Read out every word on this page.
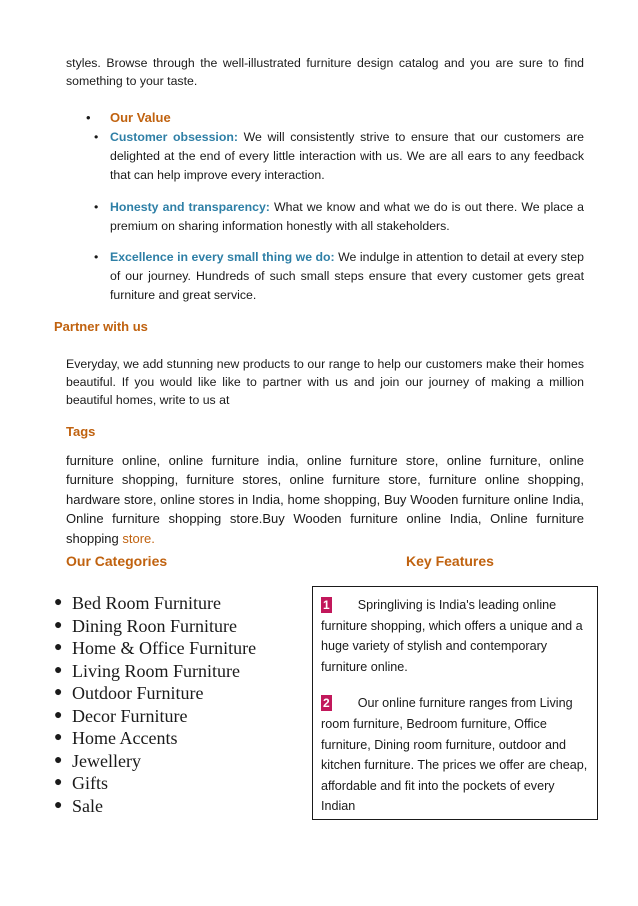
styles. Browse through the well-illustrated furniture design catalog and you are sure to find something to your taste.
• Our Value
• Customer obsession: We will consistently strive to ensure that our customers are delighted at the end of every little interaction with us. We are all ears to any feedback that can help improve every interaction.
• Honesty and transparency: What we know and what we do is out there. We place a premium on sharing information honestly with all stakeholders.
• Excellence in every small thing we do: We indulge in attention to detail at every step of our journey. Hundreds of such small steps ensure that every customer gets great furniture and great service.
Partner with us
Everyday, we add stunning new products to our range to help our customers make their homes beautiful. If you would like like to partner with us and join our journey of making a million beautiful homes, write to us at
Tags
furniture online, online furniture india, online furniture store, online furniture, online furniture shopping, furniture stores, online furniture store, furniture online shopping, hardware store, online stores in India, home shopping, Buy Wooden furniture online India, Online furniture shopping store.Buy Wooden furniture online India, Online furniture shopping store.
Our Categories	Key Features
● Bed Room Furniture
● Dining Roon Furniture
● Home & Office Furniture
● Living Room Furniture
● Outdoor Furniture
● Decor Furniture
● Home Accents
● Jewellery
● Gifts
● Sale
1 Springliving is India's leading online furniture shopping, which offers a unique and a huge variety of stylish and contemporary furniture online.
2 Our online furniture ranges from Living room furniture, Bedroom furniture, Office furniture, Dining room furniture, outdoor and kitchen furniture. The prices we offer are cheap, affordable and fit into the pockets of every Indian
